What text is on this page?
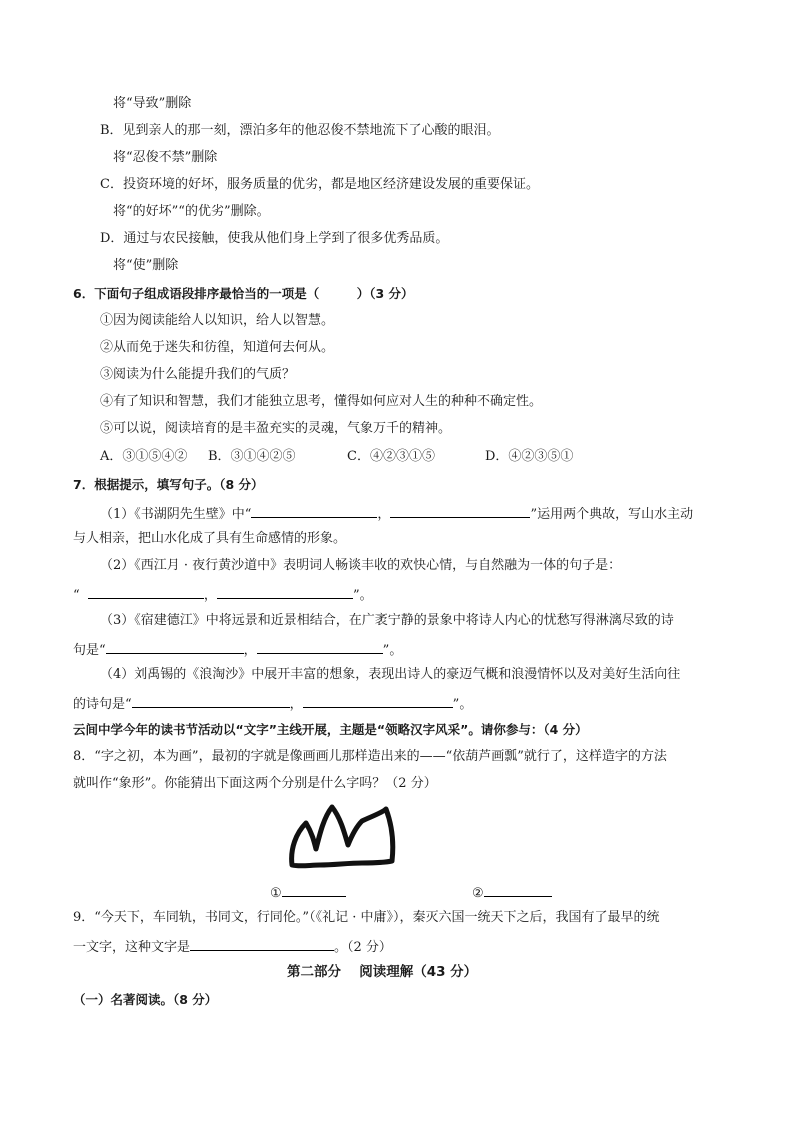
将“导致”删除
B．见到亲人的那一刻，漂泊多年的他忍俊不禁地流下了心酸的眼泪。
将“忍俊不禁”删除
C．投资环境的好坏，服务质量的优劣，都是地区经济建设发展的重要保证。
将“的好坏”“的优劣”删除。
D．通过与农民接触，使我从他们身上学到了很多优秀品质。
将“使”删除
6．下面句子组成语段排序最恰当的一项是（　　　）（3 分）
①因为阅读能给人以知识，给人以智慧。
②从而免于迷失和彷徨，知道何去何从。
③阅读为什么能提升我们的气质？
④有了知识和智慧，我们才能独立思考，懂得如何应对人生的种种不确定性。
⑤可以说，阅读培育的是丰盈充实的灵魂，气象万千的精神。
A．③①⑤④② B．③①④②⑤	C．④②③①⑤	D．④②③⑤①
7．根据提示，填写句子。（8 分）
（1）《书湖阴先生壁》中“	，	”运用两个典故，写山水主动
与人相亲，把山水化成了具有生命感情的形象。
（2）《西江月 · 夜行黄沙道中》表明词人畅谈丰收的欢快心情，与自然融为一体的句子是：
“	，	”。
（3）《宿建德江》中将远景和近景相结合，在广袤宁静的景象中将诗人内心的忧愁写得淋漓尽致的诗
句是“	，	”。
（4）刘禹锡的《浪淘沙》中展开丰富的想象，表现出诗人的豪迈气概和浪漫情怀以及对美好生活向往
的诗句是“	，	”。
云间中学今年的读书节活动以“文字”主线开展，主题是“领略汉字风采”。请你参与：（4 分）
8．“字之初，本为画”，最初的字就是像画画儿那样造出来的——“依葫芦画瓢”就行了，这样造字的方法
就叫作“象形”。你能猜出下面这两个分别是什么字吗？（2 分）
①	②
9．“今天下，车同轨，书同文，行同伦。”（《礼记 · 中庸》），秦灭六国一统天下之后，我国有了最早的统
一文字，这种文字是	。（2 分）
第二部分　 阅读理解（43 分）
（一）名著阅读。（8 分）
